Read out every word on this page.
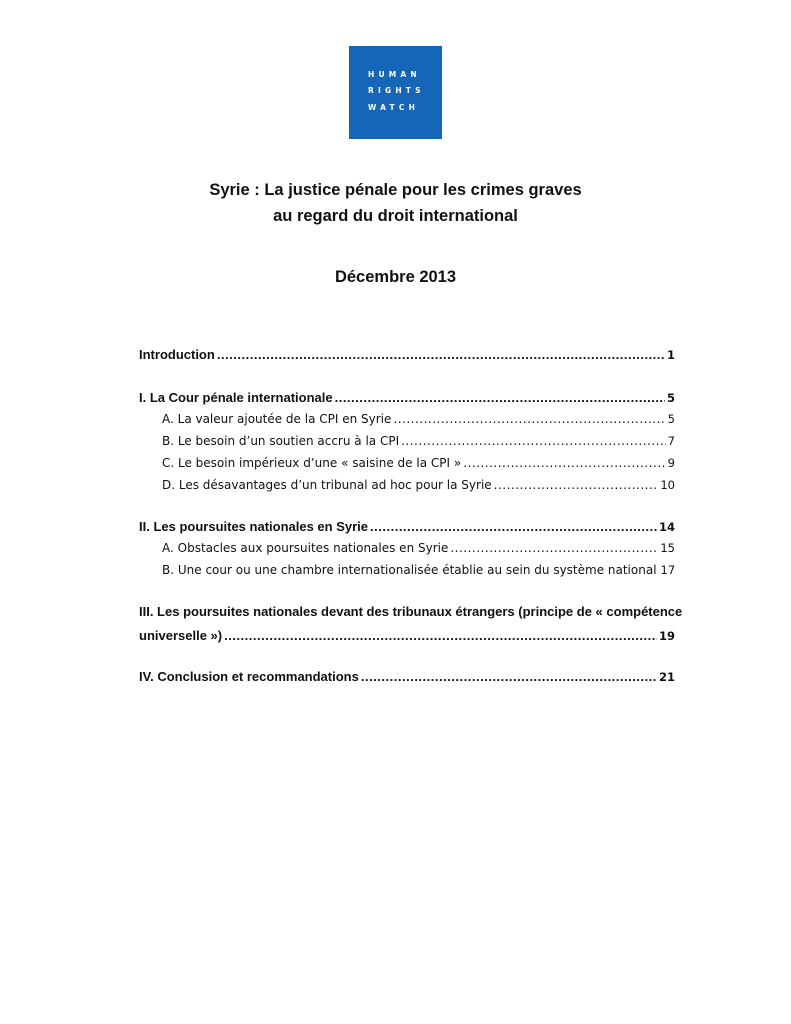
HUMAN
RIGHTS
WATCH
Syrie : La justice pénale pour les crimes graves
au regard du droit international
Décembre 2013
Introduction .....	1
I. La Cour pénale internationale .....	5
A. La valeur ajoutée de la CPI en Syrie .....	5
B. Le besoin d’un soutien accru à la CPI .....	7
C. Le besoin impérieux d’une « saisine de la CPI » .....	9
D. Les désavantages d’un tribunal ad hoc pour la Syrie .....	10
II. Les poursuites nationales en Syrie .....	14
A. Obstacles aux poursuites nationales en Syrie .....	15
B. Une cour ou une chambre internationalisée établie au sein du système national 17
III. Les poursuites nationales devant des tribunaux étrangers (principe de « compétence
universelle ») .....	19
IV. Conclusion et recommandations .....	21
